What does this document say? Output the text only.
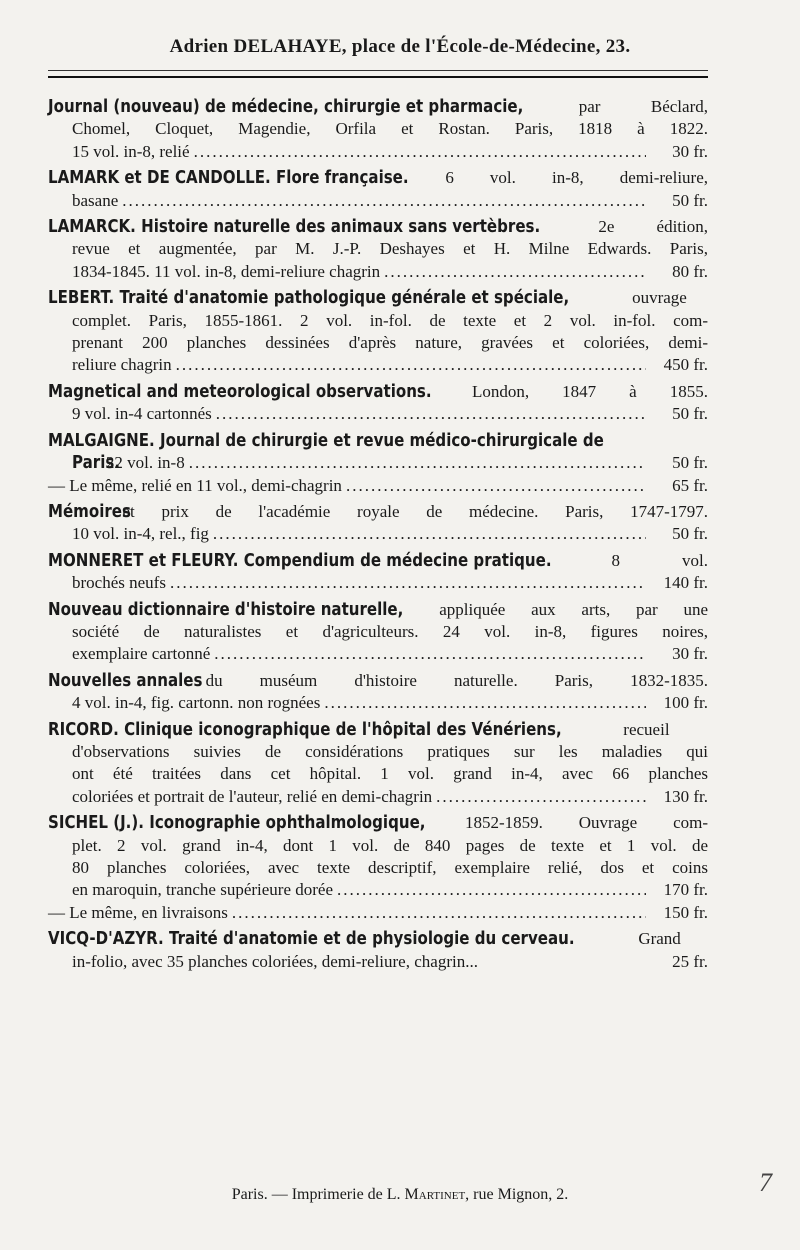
Adrien DELAHAYE, place de l'École-de-Médecine, 23.
Journal (nouveau) de médecine, chirurgie et pharmacie,	par Béclard,
Chomel, Cloquet, Magendie, Orfila et Rostan. Paris, 1818 à 1822.
15 vol. in-8, relié .....	30 fr.
LAMARK et DE CANDOLLE. Flore française. 6 vol. in-8, demi-reliure,
basane .....	50 fr.
LAMARCK. Histoire naturelle des animaux sans vertèbres.	2e édition,
revue et augmentée, par M. J.-P. Deshayes et H. Milne Edwards. Paris,
1834-1845. 11 vol. in-8, demi-reliure chagrin .....	80 fr.
LEBERT. Traité d'anatomie pathologique générale et spéciale,	ouvrage
complet. Paris, 1855-1861. 2 vol. in-fol. de texte et 2 vol. in-fol. com-
prenant 200 planches dessinées d'après nature, gravées et coloriées, demi-
reliure chagrin .....	450 fr.
Magnetical and meteorological observations. London, 1847 à 1855.
9 vol. in-4 cartonnés .....	50 fr.
MALGAIGNE. Journal de chirurgie et revue médico-chirurgicale de
Paris.
22 vol. in-8 .....	50 fr.
— Le même, relié en 11 vol., demi-chagrin .....	65 fr.
Mémoires
et prix de l'académie royale de médecine. Paris, 1747-1797.
10 vol. in-4, rel., fig .....	50 fr.
MONNERET et FLEURY. Compendium de médecine pratique.	8 vol.
brochés neufs .....	140 fr.
Nouveau dictionnaire d'histoire naturelle, appliquée aux arts, par une
société de naturalistes et d'agriculteurs. 24 vol. in-8, figures noires,
exemplaire cartonné .....	30 fr.
Nouvelles annales du muséum d'histoire naturelle. Paris, 1832-1835.
4 vol. in-4, fig. cartonn. non rognées .....	100 fr.
RICORD. Clinique iconographique de l'hôpital des Vénériens,	recueil
d'observations suivies de considérations pratiques sur les maladies qui
ont été traitées dans cet hôpital. 1 vol. grand in-4, avec 66 planches
coloriées et portrait de l'auteur, relié en demi-chagrin .....	130 fr.
SICHEL (J.). Iconographie ophthalmologique, 1852-1859. Ouvrage com-
plet. 2 vol. grand in-4, dont 1 vol. de 840 pages de texte et 1 vol. de
80 planches coloriées, avec texte descriptif, exemplaire relié, dos et coins
en maroquin, tranche supérieure dorée .....	170 fr.
— Le même, en livraisons .....	150 fr.
VICQ-D'AZYR. Traité d'anatomie et de physiologie du cerveau.	Grand
in-folio, avec 35 planches coloriées, demi-reliure, chagrin...	25 fr.
Paris. — Imprimerie de L. Martinet, rue Mignon, 2.	7
